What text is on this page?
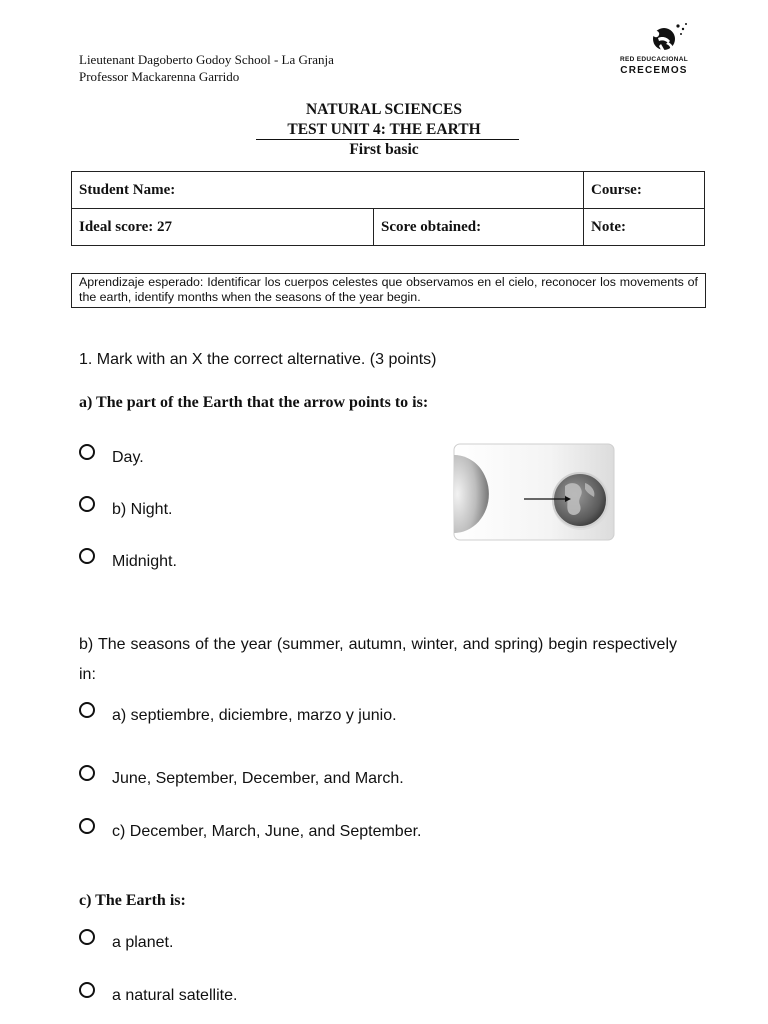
Lieutenant Dagoberto Godoy School - La Granja
Professor Mackarenna Garrido
RED EDUCACIONAL
CRECEMOS
NATURAL SCIENCES
TEST UNIT 4: THE EARTH
First basic
Student Name:		Course:
Ideal score: 27	Score obtained:	Note:
Aprendizaje esperado: Identificar los cuerpos celestes que observamos en el cielo, reconocer los movements of the earth, identify months when the seasons of the year begin.
1. Mark with an X the correct alternative. (3 points)
a) The part of the Earth that the arrow points to is:
Day.
b) Night.
Midnight.
b) The seasons of the year (summer, autumn, winter, and spring) begin respectively in:
a) septiembre, diciembre, marzo y junio.
June, September, December, and March.
c) December, March, June, and September.
c) The Earth is:
a planet.
a natural satellite.
